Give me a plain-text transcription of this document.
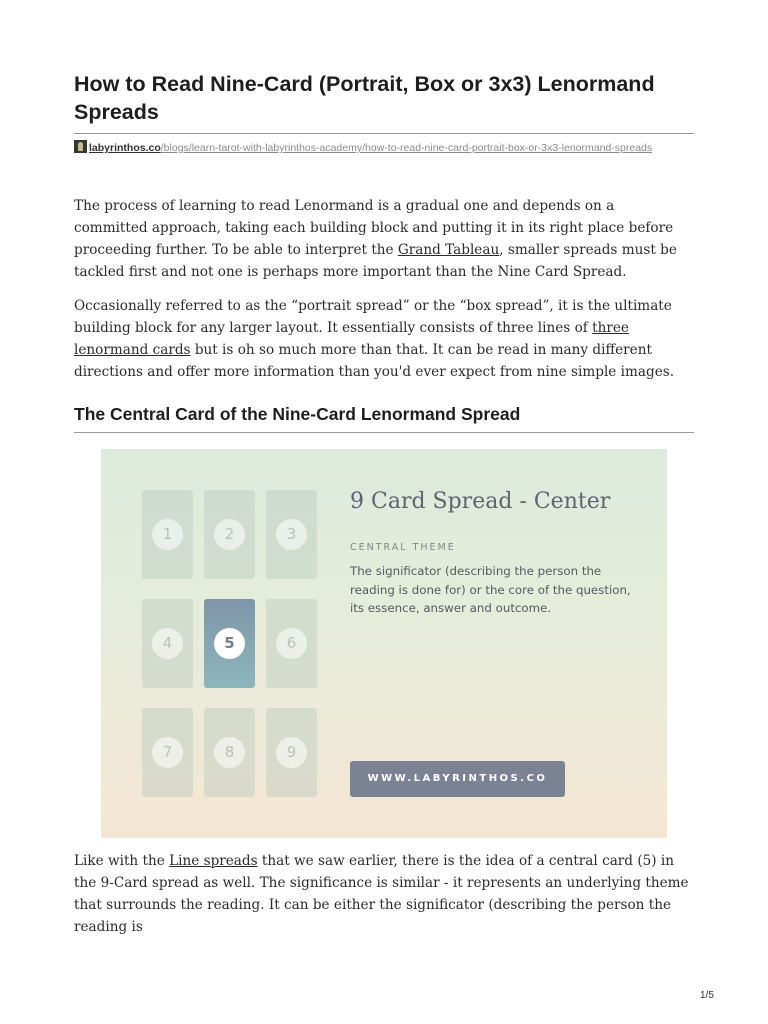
How to Read Nine-Card (Portrait, Box or 3x3) Lenormand Spreads
labyrinthos.co/blogs/learn-tarot-with-labyrinthos-academy/how-to-read-nine-card-portrait-box-or-3x3-lenormand-spreads

The process of learning to read Lenormand is a gradual one and depends on a committed approach, taking each building block and putting it in its right place before proceeding further. To be able to interpret the Grand Tableau, smaller spreads must be tackled first and not one is perhaps more important than the Nine Card Spread.

Occasionally referred to as the “portrait spread” or the “box spread”, it is the ultimate building block for any larger layout. It essentially consists of three lines of three lenormand cards but is oh so much more than that. It can be read in many different directions and offer more information than you'd ever expect from nine simple images.

The Central Card of the Nine-Card Lenormand Spread
1	2	3
4	5	6
7	8	9
9 Card Spread - Center
CENTRAL THEME
The significator (describing the person the reading is done for) or the core of the question, its essence, answer and outcome.
WWW.LABYRINTHOS.CO

Like with the Line spreads that we saw earlier, there is the idea of a central card (5) in the 9-Card spread as well. The significance is similar - it represents an underlying theme that surrounds the reading. It can be either the significator (describing the person the reading is

1/5
